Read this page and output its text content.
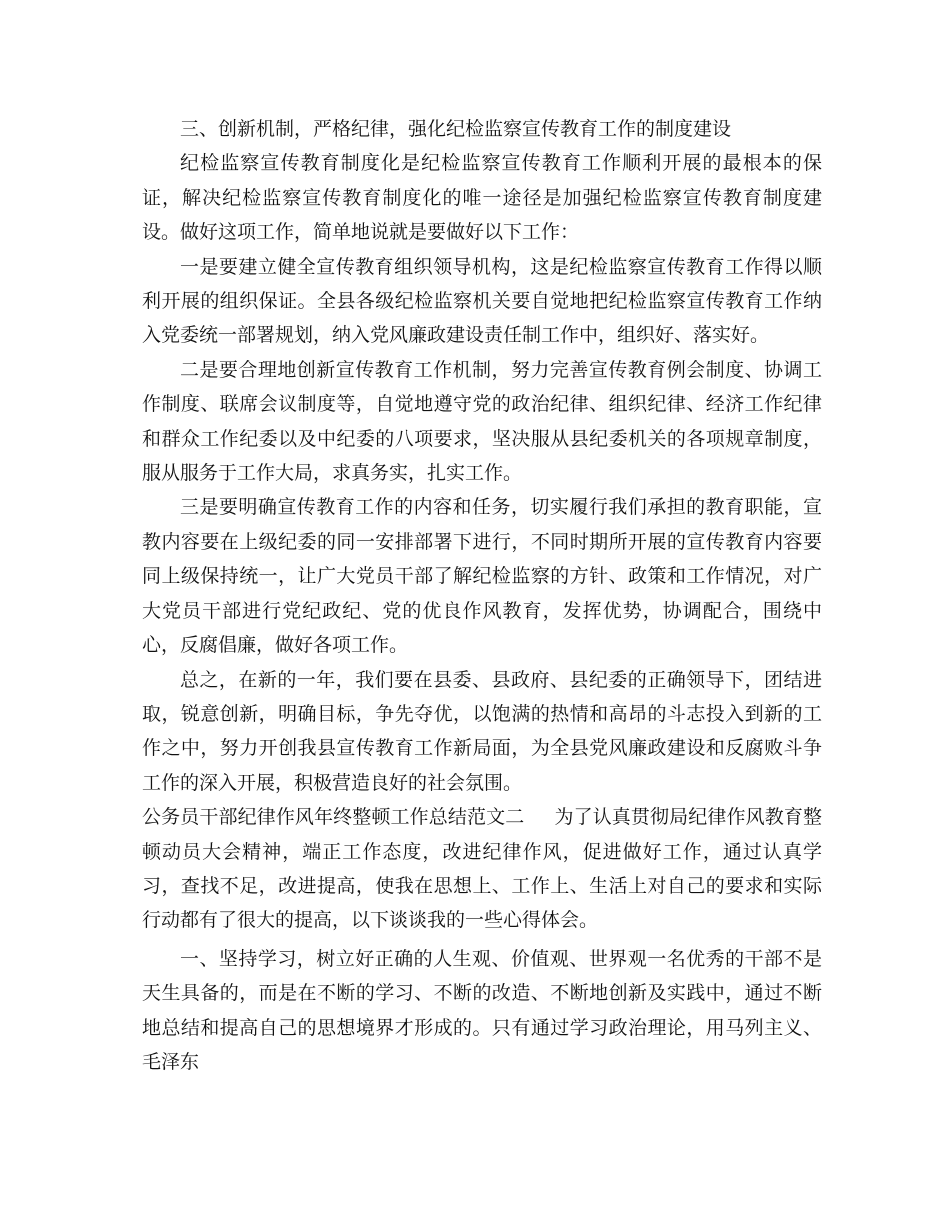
三、创新机制，严格纪律，强化纪检监察宣传教育工作的制度建设

纪检监察宣传教育制度化是纪检监察宣传教育工作顺利开展的最根本的保证，解决纪检监察宣传教育制度化的唯一途径是加强纪检监察宣传教育制度建设。做好这项工作，简单地说就是要做好以下工作：

一是要建立健全宣传教育组织领导机构，这是纪检监察宣传教育工作得以顺利开展的组织保证。全县各级纪检监察机关要自觉地把纪检监察宣传教育工作纳入党委统一部署规划，纳入党风廉政建设责任制工作中，组织好、落实好。

二是要合理地创新宣传教育工作机制，努力完善宣传教育例会制度、协调工作制度、联席会议制度等，自觉地遵守党的政治纪律、组织纪律、经济工作纪律和群众工作纪委以及中纪委的八项要求，坚决服从县纪委机关的各项规章制度，服从服务于工作大局，求真务实，扎实工作。

三是要明确宣传教育工作的内容和任务，切实履行我们承担的教育职能，宣教内容要在上级纪委的同一安排部署下进行，不同时期所开展的宣传教育内容要同上级保持统一，让广大党员干部了解纪检监察的方针、政策和工作情况，对广大党员干部进行党纪政纪、党的优良作风教育，发挥优势，协调配合，围绕中心，反腐倡廉，做好各项工作。

总之，在新的一年，我们要在县委、县政府、县纪委的正确领导下，团结进取，锐意创新，明确目标，争先夺优，以饱满的热情和高昂的斗志投入到新的工作之中，努力开创我县宣传教育工作新局面，为全县党风廉政建设和反腐败斗争工作的深入开展，积极营造良好的社会氛围。

公务员干部纪律作风年终整顿工作总结范文二 为了认真贯彻局纪律作风教育整顿动员大会精神，端正工作态度，改进纪律作风，促进做好工作，通过认真学习，查找不足，改进提高，使我在思想上、工作上、生活上对自己的要求和实际行动都有了很大的提高，以下谈谈我的一些心得体会。

一、坚持学习，树立好正确的人生观、价值观、世界观一名优秀的干部不是天生具备的，而是在不断的学习、不断的改造、不断地创新及实践中，通过不断地总结和提高自己的思想境界才形成的。只有通过学习政治理论，用马列主义、毛泽东
